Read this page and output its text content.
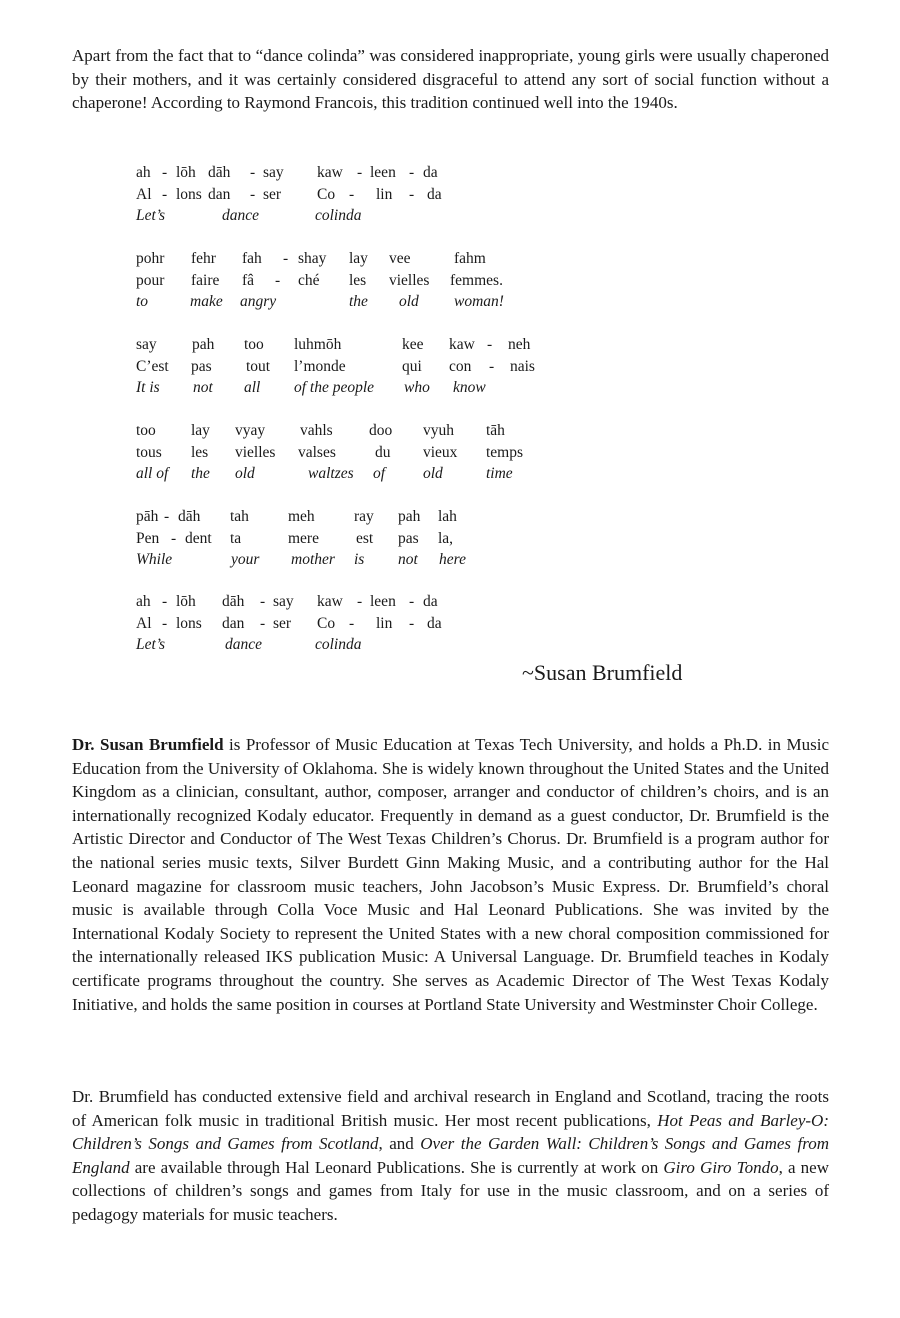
Apart from the fact that to “dance colinda” was considered inappropriate, young girls were usually chaperoned by their mothers, and it was certainly considered disgraceful to attend any sort of social function without a chaperone! According to Raymond Francois, this tradition continued well into the 1940s.

ah - lōh dāh - say kaw - leen - da
Al - lons dan - ser Co - lin - da
Let’s	dance	colinda
pohr fehr fah - shay lay vee	fahm
pour faire fâ - ché les vielles femmes.
to	make angry	the old woman!
say pah too luhmōh	kee kaw - neh
C’est pas tout l’monde	qui con - nais
It is not all of the people who know
too lay vyay vahls doo vyuh tāh
tous les vielles valses	du vieux temps
all of the old	waltzes of old	time
pāh - dāh tah	meh	ray pah lah
Pen - dent ta	mere est pas la,
While	your mother is not here
ah - lōh dāh - say kaw - leen - da
Al - lons dan - ser Co - lin - da
Let’s	dance	colinda

~Susan Brumfield

Dr. Susan Brumfield is Professor of Music Education at Texas Tech University, and holds a Ph.D. in Music Education from the University of Oklahoma. She is widely known throughout the United States and the United Kingdom as a clinician, consultant, author, composer, arranger and conductor of children’s choirs, and is an internationally recognized Kodaly educator. Frequently in demand as a guest conductor, Dr. Brumfield is the Artistic Director and Conductor of The West Texas Children’s Chorus. Dr. Brumfield is a program author for the national series music texts, Silver Burdett Ginn Making Music, and a contributing author for the Hal Leonard magazine for classroom music teachers, John Jacobson’s Music Express. Dr. Brumfield’s choral music is available through Colla Voce Music and Hal Leonard Publications. She was invited by the International Kodaly Society to represent the United States with a new choral composition commissioned for the internationally released IKS publication Music: A Universal Language. Dr. Brumfield teaches in Kodaly certificate programs throughout the country. She serves as Academic Director of The West Texas Kodaly Initiative, and holds the same position in courses at Portland State University and Westminster Choir College.

Dr. Brumfield has conducted extensive field and archival research in England and Scotland, tracing the roots of American folk music in traditional British music. Her most recent publications, Hot Peas and Barley-O: Children’s Songs and Games from Scotland, and Over the Garden Wall: Children’s Songs and Games from England are available through Hal Leonard Publications. She is currently at work on Giro Giro Tondo, a new collections of children’s songs and games from Italy for use in the music classroom, and on a series of pedagogy materials for music teachers.
